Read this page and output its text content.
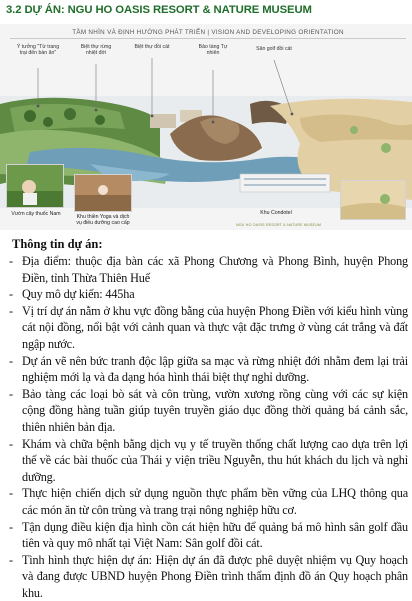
3.2 DỰ ÁN: NGU HO OASIS RESORT & NATURE MUSEUM
TẦM NHÌN VÀ ĐỊNH HƯỚNG PHÁT TRIỂN | VISION AND DEVELOPING ORIENTATION
Ý tưởng "Từ trang trại đến bàn ăn"
Biệt thự rừng nhiệt đới
Biệt thự đồi cát	Bảo tàng Tự nhiên
Sân golf đồi cát
Vườn cây thuốc Nam	Khu thiền Yoga và dịch vụ điều dưỡng cao cấp
Khu Condotel
NGU HO OASIS RESORT & NATURE MUSEUM
Thông tin dự án:
- Địa điểm: thuộc địa bàn các xã Phong Chương và Phong Bình, huyện Phong Điền, tỉnh Thừa Thiên Huế
- Quy mô dự kiến: 445ha
- Vị trí dự án nằm ở khu vực đồng bằng của huyện Phong Điền với kiểu hình vùng cát nội đồng, nổi bật với cảnh quan và thực vật đặc trưng ở vùng cát trắng và đất ngập nước.
- Dự án vẽ nên bức tranh độc lập giữa sa mạc và rừng nhiệt đới nhằm đem lại trải nghiệm mới lạ và đa dạng hóa hình thái biệt thự nghỉ dưỡng.
- Bảo tàng các loại bò sát và côn trùng, vườn xương rồng cùng với các sự kiện cộng đồng hàng tuần giúp tuyên truyền giáo dục đồng thời quảng bá cảnh sắc, thiên nhiên bản địa.
- Khám và chữa bệnh bằng dịch vụ y tế truyền thống chất lượng cao dựa trên lợi thế về các bài thuốc của Thái y viện triều Nguyễn, thu hút khách du lịch và nghỉ dưỡng.
- Thực hiện chiến dịch sử dụng nguồn thực phẩm bền vững của LHQ thông qua các món ăn từ côn trùng và trang trại nông nghiệp hữu cơ.
- Tận dụng điều kiện địa hình cồn cát hiện hữu để quảng bá mô hình sân golf đầu tiên và quy mô nhất tại Việt Nam: Sân golf đồi cát.
- Tình hình thực hiện dự án: Hiện dự án đã được phê duyệt nhiệm vụ Quy hoạch và đang được UBND huyện Phong Điền trình thẩm định đồ án Quy hoạch phân khu.
